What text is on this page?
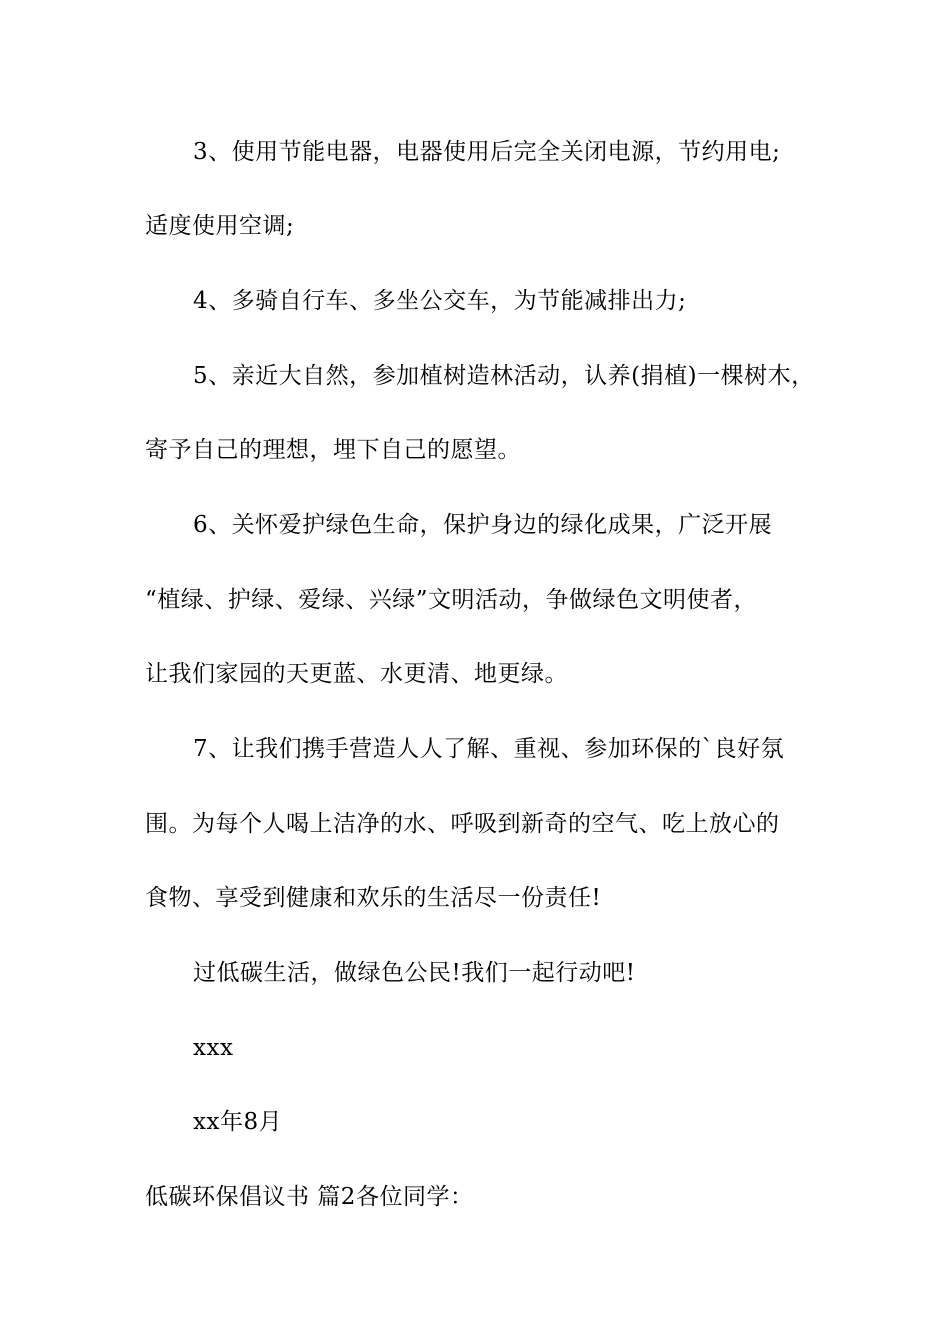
3、使用节能电器，电器使用后完全关闭电源，节约用电;
适度使用空调;
4、多骑自行车、多坐公交车，为节能减排出力;
5、亲近大自然，参加植树造林活动，认养(捐植)一棵树木，
寄予自己的理想，埋下自己的愿望。
6、关怀爱护绿色生命，保护身边的绿化成果，广泛开展
“植绿、护绿、爱绿、兴绿”文明活动，争做绿色文明使者，
让我们家园的天更蓝、水更清、地更绿。
7、让我们携手营造人人了解、重视、参加环保的`良好氛
围。为每个人喝上洁净的水、呼吸到新奇的空气、吃上放心的
食物、享受到健康和欢乐的生活尽一份责任!
过低碳生活，做绿色公民!我们一起行动吧!
xxx
xx年8月
低碳环保倡议书 篇2各位同学：
